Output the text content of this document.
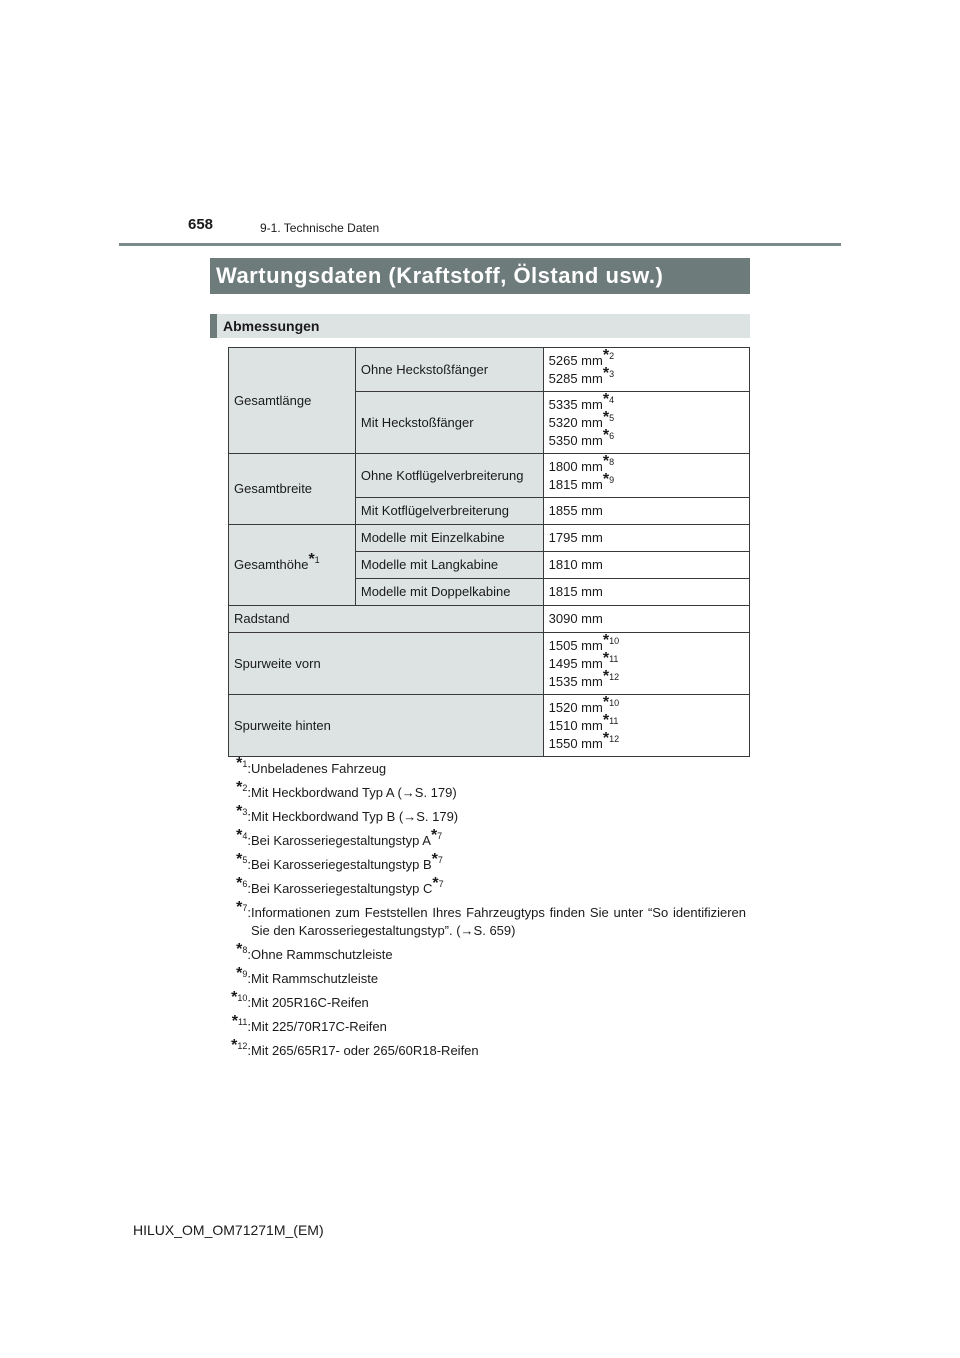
658	9-1. Technische Daten
Wartungsdaten (Kraftstoff, Ölstand usw.)
Abmessungen
Gesamtlänge	Ohne Heckstoßfänger	5265 mm*$^2$
5285 mm*$^3$

	Mit Heckstoßfänger	5335 mm*$^4$
5320 mm*$^5$
5350 mm*$^6$

Gesamtbreite	Ohne Kotflügelverbreiterung	1800 mm*$^8$
1815 mm*$^9$

	Mit Kotflügelverbreiterung	1855 mm
Gesamthöhe*$^1$	Modelle mit Einzelkabine	1795 mm
	Modelle mit Langkabine	1810 mm
	Modelle mit Doppelkabine	1815 mm
Radstand		3090 mm
Spurweite vorn		1505 mm*$^{10}$
1495 mm*$^{11}$
1535 mm*$^{12}$

Spurweite hinten		1520 mm*$^{10}$
1510 mm*$^{11}$
1550 mm*$^{12}$
*$^1$: Unbeladenes Fahrzeug
*$^2$: Mit Heckbordwand Typ A (→S. 179)
*$^3$: Mit Heckbordwand Typ B (→S. 179)
*$^4$: Bei Karosseriegestaltungstyp A*$^7$
*$^5$: Bei Karosseriegestaltungstyp B*$^7$
*$^6$: Bei Karosseriegestaltungstyp C*$^7$
*$^7$: Informationen zum Feststellen Ihres Fahrzeugtyps finden Sie unter “So identifizieren Sie den Karosseriegestaltungstyp”. (→S. 659)
*$^8$: Ohne Rammschutzleiste
*$^9$: Mit Rammschutzleiste
*$^{10}$: Mit 205R16C-Reifen
*$^{11}$: Mit 225/70R17C-Reifen
*$^{12}$: Mit 265/65R17- oder 265/60R18-Reifen
HILUX_OM_OM71271M_(EM)
